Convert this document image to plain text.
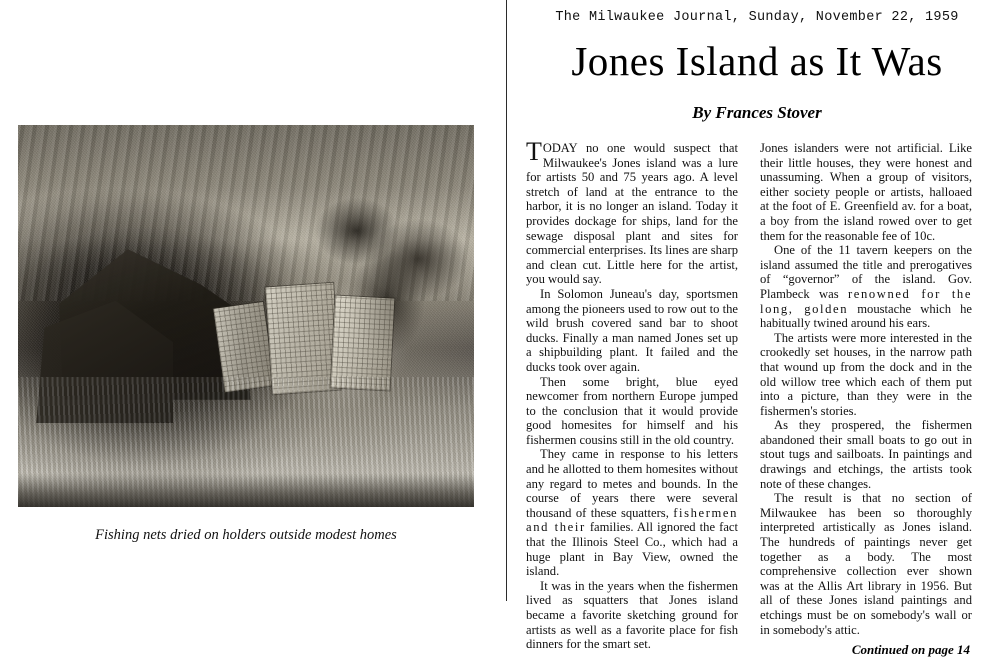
Fishing nets dried on holders outside modest homes
The Milwaukee Journal, Sunday, November 22, 1959
Jones Island as It Was
By Frances Stover

TODAY no one would suspect that Milwaukee's Jones island was a lure for artists 50 and 75 years ago. A level stretch of land at the entrance to the harbor, it is no longer an island. Today it provides dockage for ships, land for the sewage disposal plant and sites for commercial enterprises. Its lines are sharp and clean cut. Little here for the artist, you would say.

In Solomon Juneau's day, sportsmen among the pioneers used to row out to the wild brush covered sand bar to shoot ducks. Finally a man named Jones set up a shipbuilding plant. It failed and the ducks took over again.

Then some bright, blue eyed newcomer from northern Europe jumped to the conclusion that it would provide good homesites for himself and his fishermen cousins still in the old country.

They came in response to his letters and he allotted to them homesites without any regard to metes and bounds. In the course of years there were several thousand of these squatters, fishermen and their families. All ignored the fact that the Illinois Steel Co., which had a huge plant in Bay View, owned the island.

It was in the years when the fishermen lived as squatters that Jones island became a favorite sketching ground for artists as well as a favorite place for fish dinners for the smart set.

Jones islanders were not artificial. Like their little houses, they were honest and unassuming. When a group of visitors, either society people or artists, halloaed at the foot of E. Greenfield av. for a boat, a boy from the island rowed over to get them for the reasonable fee of 10c.

One of the 11 tavern keepers on the island assumed the title and prerogatives of “governor” of the island. Gov. Plambeck was renowned for the long, golden moustache which he habitually twined around his ears.

The artists were more interested in the crookedly set houses, in the narrow path that wound up from the dock and in the old willow tree which each of them put into a picture, than they were in the fishermen's stories.

As they prospered, the fishermen abandoned their small boats to go out in stout tugs and sailboats. In paintings and drawings and etchings, the artists took note of these changes.

The result is that no section of Milwaukee has been so thoroughly interpreted artistically as Jones island. The hundreds of paintings never get together as a body. The most comprehensive collection ever shown was at the Allis Art library in 1956. But all of these Jones island paintings and etchings must be on somebody's wall or in somebody's attic.

Continued on page 14
